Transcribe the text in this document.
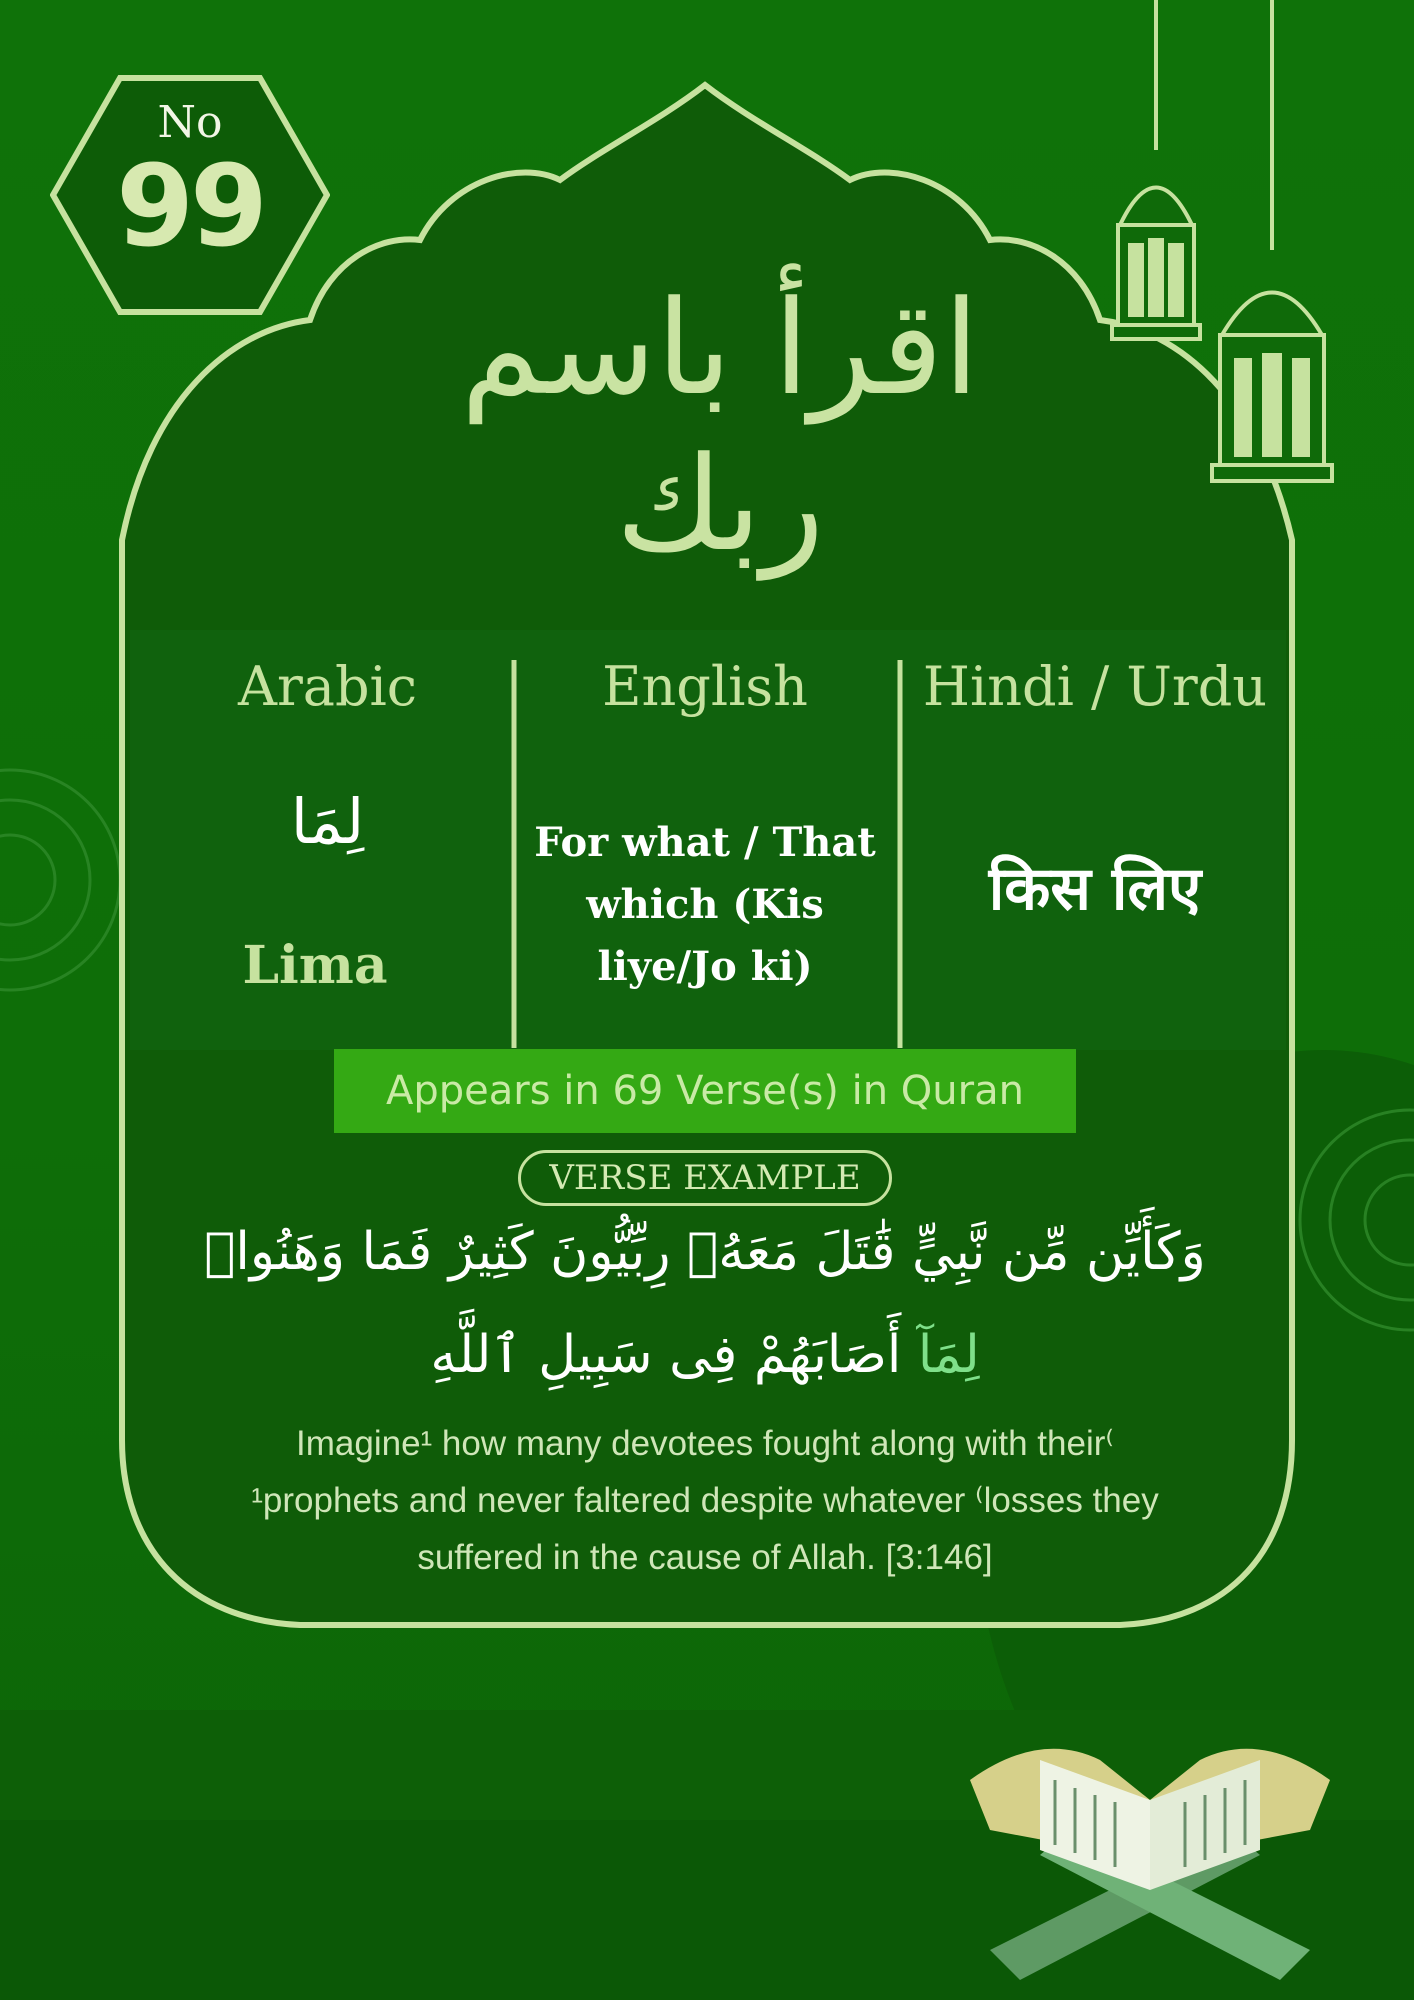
No
99
اقرأ باسم ربك
Arabic	English	Hindi / Urdu
لِمَا
Lima
For what / That which (Kis liye/Jo ki)
किस लिए
Appears in 69 Verse(s) in Quran
VERSE EXAMPLE
وَكَأَيِّن مِّن نَّبِيٍّ قَٰتَلَ مَعَهُۥ رِبِّيُّونَ كَثِيرٌ فَمَا وَهَنُوا۟
لِمَآ أَصَابَهُمْ فِى سَبِيلِ ٱللَّهِ
Imagine¹ how many devotees fought along with their⁽ ¹prophets and never faltered despite whatever ⁽losses they suffered in the cause of Allah. [3:146]
